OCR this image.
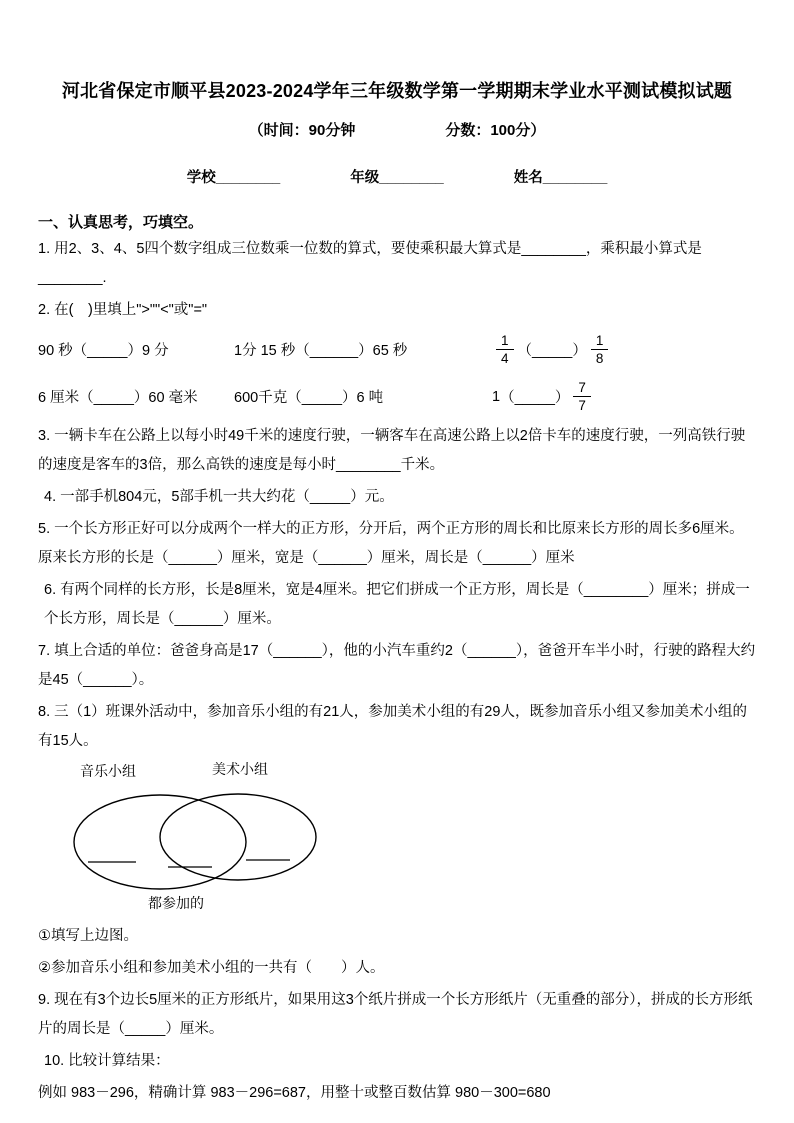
河北省保定市顺平县2023-2024学年三年级数学第一学期期末学业水平测试模拟试题
（时间：90分钟	分数：100分）
学校________	年级________	姓名________
一、认真思考，巧填空。

1. 用2、3、4、5四个数字组成三位数乘一位数的算式，要使乘积最大算式是________，乘积最小算式是________.

2. 在(　)里填上">""<"或"="

90 秒（_____）9 分	1分 15 秒（______）65 秒	$\frac{1}{4}$ （_____） $\frac{1}{8}$
6 厘米（_____）60 毫米	600千克（_____）6 吨	1 （_____） $\frac{7}{7}$

3. 一辆卡车在公路上以每小时49千米的速度行驶，一辆客车在高速公路上以2倍卡车的速度行驶，一列高铁行驶的速度是客车的3倍，那么高铁的速度是每小时________千米。

4. 一部手机804元，5部手机一共大约花（_____）元。

5. 一个长方形正好可以分成两个一样大的正方形，分开后，两个正方形的周长和比原来长方形的周长多6厘米。原来长方形的长是（______）厘米，宽是（______）厘米，周长是（______）厘米

6. 有两个同样的长方形，长是8厘米，宽是4厘米。把它们拼成一个正方形，周长是（________）厘米；拼成一个长方形，周长是（______）厘米。

7. 填上合适的单位：爸爸身高是17（______），他的小汽车重约2（______），爸爸开车半小时，行驶的路程大约是45（______）。

8. 三（1）班课外活动中，参加音乐小组的有21人，参加美术小组的有29人，既参加音乐小组又参加美术小组的有15人。

音乐小组	美术小组
都参加的

①填写上边图。

②参加音乐小组和参加美术小组的一共有（　　）人。

9. 现在有3个边长5厘米的正方形纸片，如果用这3个纸片拼成一个长方形纸片（无重叠的部分），拼成的长方形纸片的周长是（_____）厘米。

10. 比较计算结果：

例如 983－296，精确计算 983－296=687，用整十或整百数估算 980－300=680
